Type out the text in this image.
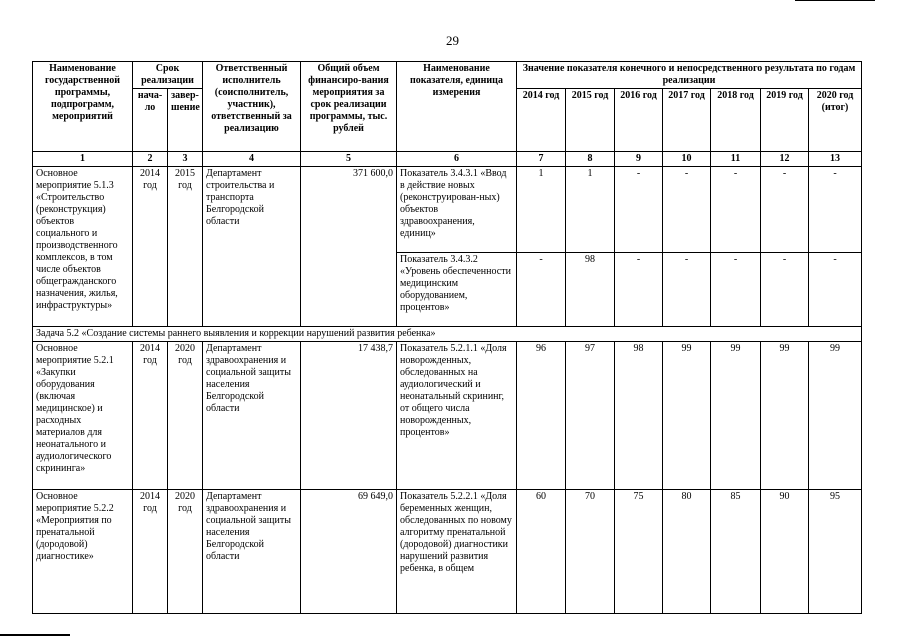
29
Наименование государственной программы, подпрограмм, мероприятий	Срок реализации		Ответственный исполнитель (соисполнитель, участник), ответственный за реализацию	Общий объем финансиро-вания мероприятия за срок реализации программы, тыс. рублей	Наименование показателя, единица измерения	Значение показателя конечного и непосредственного результата по годам реализации						
	нача-ло	завер-шение				2014 год	2015 год	2016 год	2017 год	2018 год	2019 год	2020 год (итог)
1	2	3	4	5	6	7	8	9	10	11	12	13
Основное мероприятие 5.1.3 «Строительство (реконструкция) объектов социального и производственного комплексов, в том числе объектов общегражданского назначения, жилья, инфраструктуры»	2014 год	2015 год	Департамент строительства и транспорта Белгородской области	371 600,0	Показатель 3.4.3.1 «Ввод в действие новых (реконструирован-ных) объектов здравоохранения, единиц»	1	1	-	-	-	-	-
					Показатель 3.4.3.2 «Уровень обеспеченности медицинским оборудованием, процентов»	-	98	-	-	-	-	-
Задача 5.2 «Создание системы раннего выявления и коррекции нарушений развития ребенка»												
Основное мероприятие 5.2.1 «Закупки оборудования (включая медицинское) и расходных материалов для неонатального и аудиологического скрининга»	2014 год	2020 год	Департамент здравоохранения и социальной защиты населения Белгородской области	17 438,7	Показатель 5.2.1.1 «Доля новорожденных, обследованных на аудиологический и неонатальный скрининг, от общего числа новорожденных, процентов»	96	97	98	99	99	99	99
Основное мероприятие 5.2.2 «Мероприятия по пренатальной (дородовой) диагностике»	2014 год	2020 год	Департамент здравоохранения и социальной защиты населения Белгородской области	69 649,0	Показатель 5.2.2.1 «Доля беременных женщин, обследованных по новому алгоритму пренатальной (дородовой) диагностики нарушений развития ребенка, в общем	60	70	75	80	85	90	95
